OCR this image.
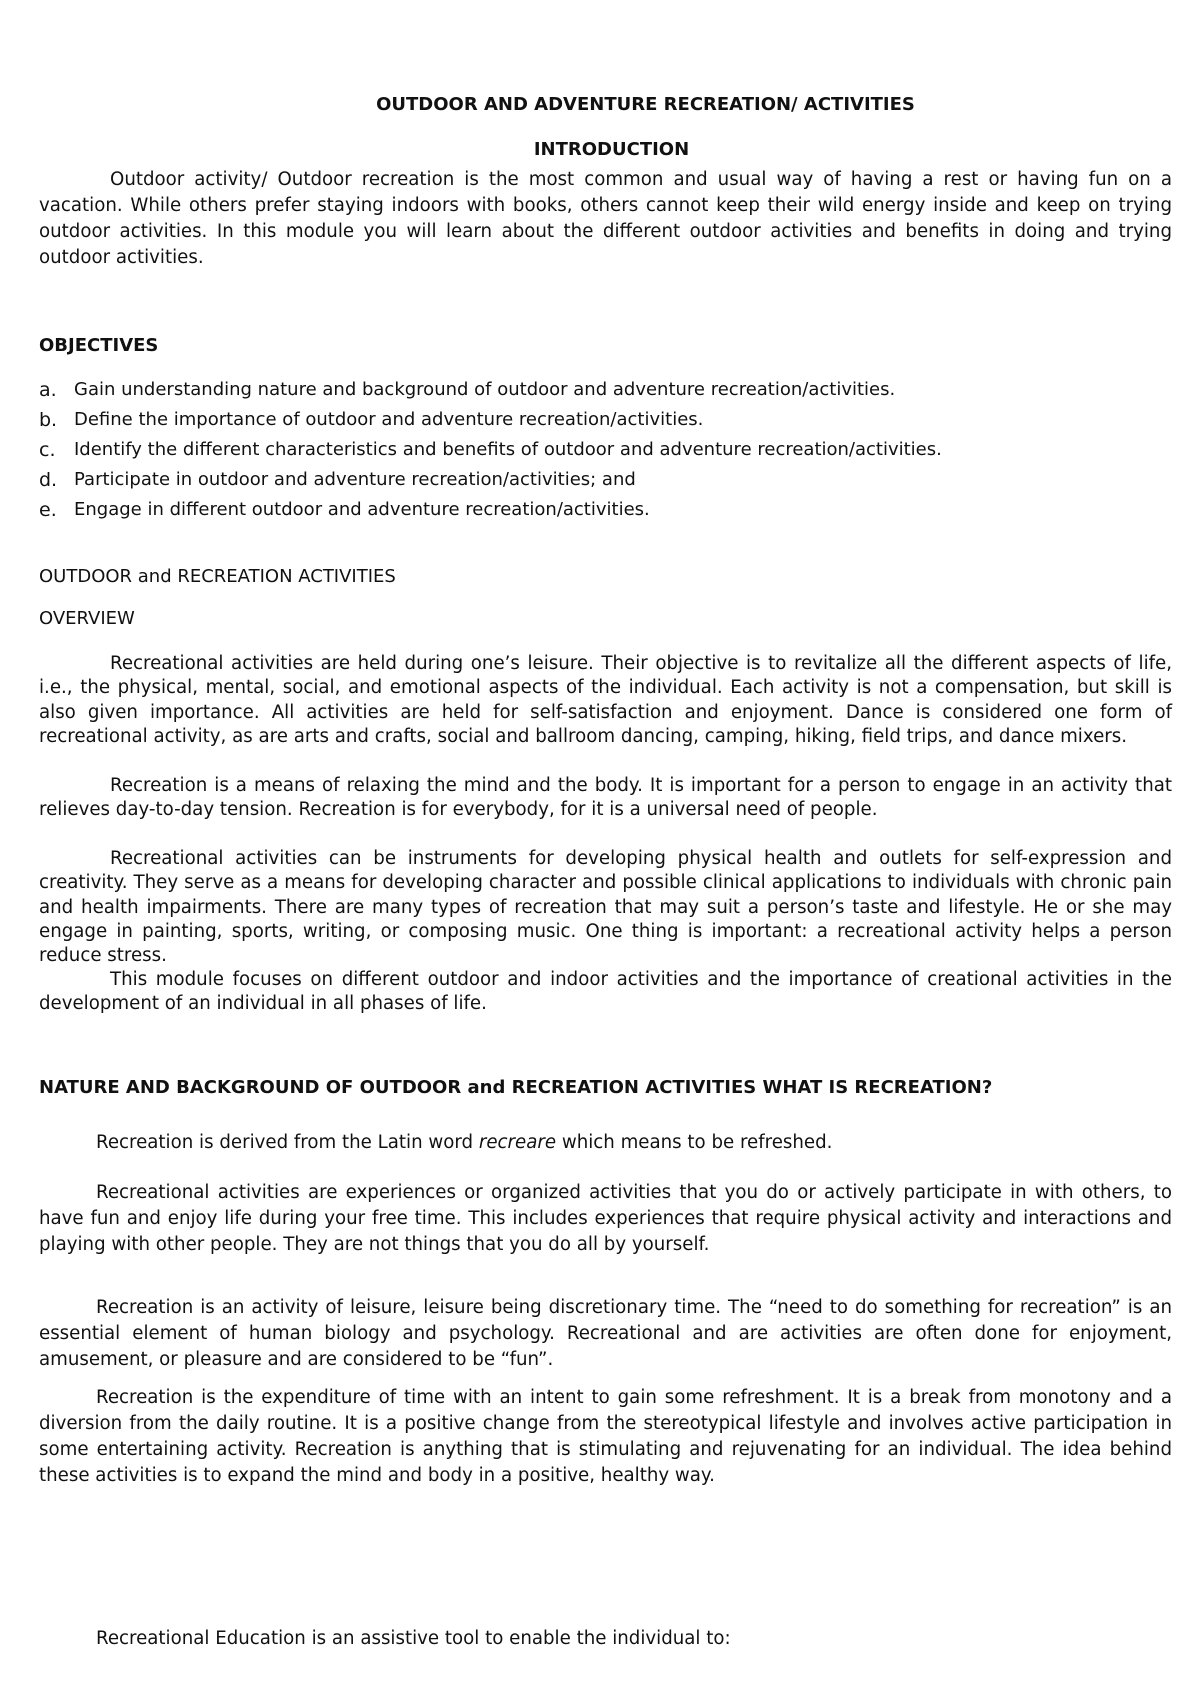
OUTDOOR AND ADVENTURE RECREATION/ ACTIVITIES
INTRODUCTION

Outdoor activity/ Outdoor recreation is the most common and usual way of having a rest or having fun on a vacation. While others prefer staying indoors with books, others cannot keep their wild energy inside and keep on trying outdoor activities. In this module you will learn about the different outdoor activities and benefits in doing and trying outdoor activities.

OBJECTIVES
a. Gain understanding nature and background of outdoor and adventure recreation/activities.
b. Define the importance of outdoor and adventure recreation/activities.
c. Identify the different characteristics and benefits of outdoor and adventure recreation/activities.
d. Participate in outdoor and adventure recreation/activities; and
e. Engage in different outdoor and adventure recreation/activities.

OUTDOOR and RECREATION ACTIVITIES

OVERVIEW

Recreational activities are held during one’s leisure. Their objective is to revitalize all the different aspects of life, i.e., the physical, mental, social, and emotional aspects of the individual. Each activity is not a compensation, but skill is also given importance. All activities are held for self-satisfaction and enjoyment. Dance is considered one form of recreational activity, as are arts and crafts, social and ballroom dancing, camping, hiking, field trips, and dance mixers.

Recreation is a means of relaxing the mind and the body. It is important for a person to engage in an activity that relieves day-to-day tension. Recreation is for everybody, for it is a universal need of people.

Recreational activities can be instruments for developing physical health and outlets for self-expression and creativity. They serve as a means for developing character and possible clinical applications to individuals with chronic pain and health impairments. There are many types of recreation that may suit a person’s taste and lifestyle. He or she may engage in painting, sports, writing, or composing music. One thing is important: a recreational activity helps a person reduce stress.

This module focuses on different outdoor and indoor activities and the importance of creational activities in the development of an individual in all phases of life.

NATURE AND BACKGROUND OF OUTDOOR and RECREATION ACTIVITIES WHAT IS RECREATION?

Recreation is derived from the Latin word recreare which means to be refreshed.

Recreational activities are experiences or organized activities that you do or actively participate in with others, to have fun and enjoy life during your free time. This includes experiences that require physical activity and interactions and playing with other people. They are not things that you do all by yourself.

Recreation is an activity of leisure, leisure being discretionary time. The “need to do something for recreation” is an essential element of human biology and psychology. Recreational and are activities are often done for enjoyment, amusement, or pleasure and are considered to be “fun”.

Recreation is the expenditure of time with an intent to gain some refreshment. It is a break from monotony and a diversion from the daily routine. It is a positive change from the stereotypical lifestyle and involves active participation in some entertaining activity. Recreation is anything that is stimulating and rejuvenating for an individual. The idea behind these activities is to expand the mind and body in a positive, healthy way.

Recreational Education is an assistive tool to enable the individual to:
